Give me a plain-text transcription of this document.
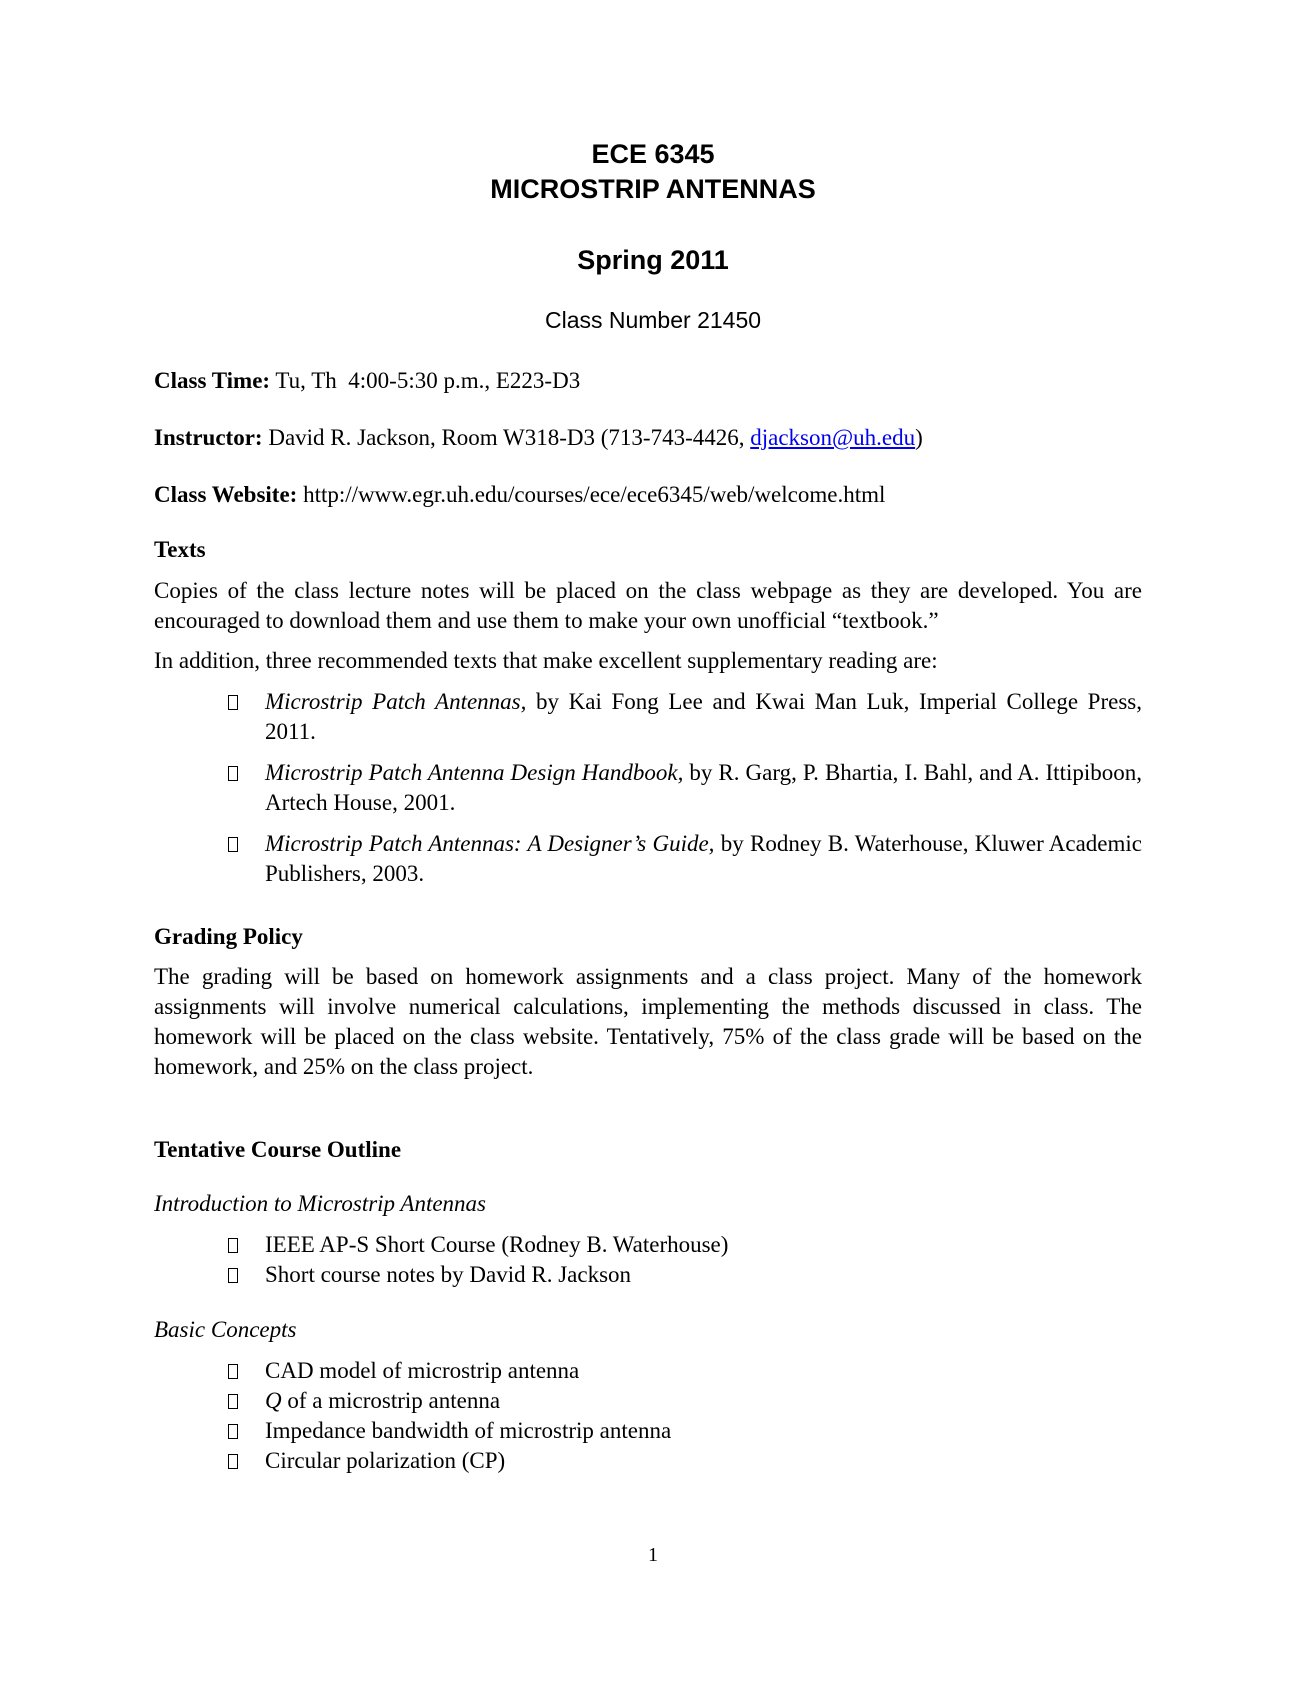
ECE 6345
MICROSTRIP ANTENNAS
Spring 2011
Class Number 21450
Class Time: Tu, Th  4:00-5:30 p.m., E223-D3
Instructor: David R. Jackson, Room W318-D3 (713-743-4426, djackson@uh.edu)
Class Website: http://www.egr.uh.edu/courses/ece/ece6345/web/welcome.html
Texts
Copies of the class lecture notes will be placed on the class webpage as they are developed. You are encouraged to download them and use them to make your own unofficial “textbook.”
In addition, three recommended texts that make excellent supplementary reading are:
Microstrip Patch Antennas, by Kai Fong Lee and Kwai Man Luk, Imperial College Press, 2011.
Microstrip Patch Antenna Design Handbook, by R. Garg, P. Bhartia, I. Bahl, and A. Ittipiboon, Artech House, 2001.
Microstrip Patch Antennas: A Designer’s Guide, by Rodney B. Waterhouse, Kluwer Academic Publishers, 2003.
Grading Policy
The grading will be based on homework assignments and a class project. Many of the homework assignments will involve numerical calculations, implementing the methods discussed in class. The homework will be placed on the class website. Tentatively, 75% of the class grade will be based on the homework, and 25% on the class project.
Tentative Course Outline
Introduction to Microstrip Antennas
IEEE AP-S Short Course (Rodney B. Waterhouse)
Short course notes by David R. Jackson
Basic Concepts
CAD model of microstrip antenna
Q of a microstrip antenna
Impedance bandwidth of microstrip antenna
Circular polarization (CP)
1
